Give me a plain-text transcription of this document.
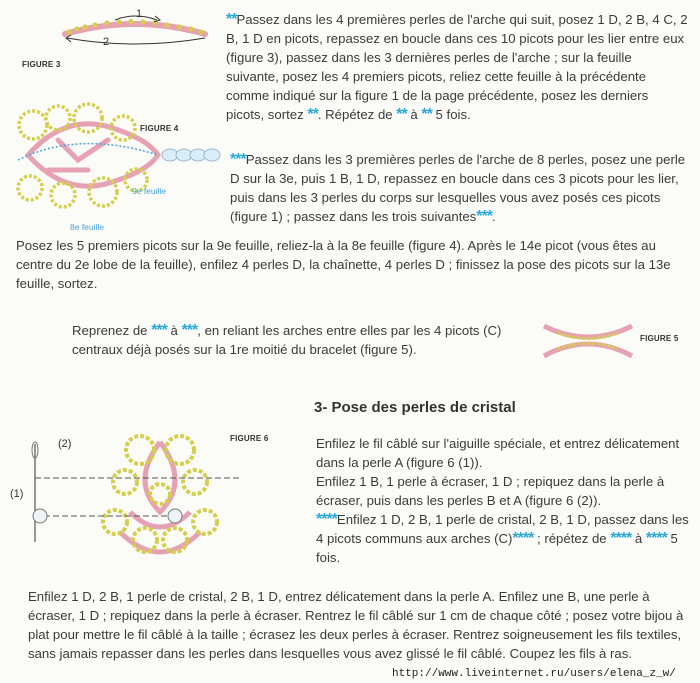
1
2
FIGURE 3
FIGURE 4
9e feuille
8e feuille

**Passez dans les 4 premières perles de l'arche qui suit, posez 1 D, 2 B, 4 C, 2 B, 1 D en picots, repassez en boucle dans ces 10 picots pour les lier entre eux (figure 3), passez dans les 3 dernières perles de l'arche ; sur la feuille suivante, posez les 4 premiers picots, reliez cette feuille à la précédente comme indiqué sur la figure 1 de la page précédente, posez les derniers picots, sortez **. Répétez de ** à ** 5 fois.

***Passez dans les 3 premières perles de l'arche de 8 perles, posez une perle D sur la 3e, puis 1 B, 1 D, repassez en boucle dans ces 3 picots pour les lier, puis dans les 3 perles du corps sur lesquelles vous avez posés ces picots (figure 1) ; passez dans les trois suivantes***.

Posez les 5 premiers picots sur la 9e feuille, reliez-la à la 8e feuille (figure 4). Après le 14e picot (vous êtes au centre du 2e lobe de la feuille), enfilez 4 perles D, la chaînette, 4 perles D ; finissez la pose des picots sur la 13e feuille, sortez.

Reprenez de *** à ***, en reliant les arches entre elles par les 4 picots (C) centraux déjà posés sur la 1re moitié du bracelet (figure 5).

FIGURE 5
3- Pose des perles de cristal
FIGURE 6
(2)
(1)
Enfilez le fil câblé sur l'aiguille spéciale, et entrez délicatement dans la perle A (figure 6 (1)).
Enfilez 1 B, 1 perle à écraser, 1 D ; repiquez dans la perle à écraser, puis dans les perles B et A (figure 6 (2)).
****Enfilez 1 D, 2 B, 1 perle de cristal, 2 B, 1 D, passez dans les 4 picots communs aux arches (C)**** ; répétez de **** à **** 5 fois.

Enfilez 1 D, 2 B, 1 perle de cristal, 2 B, 1 D, entrez délicatement dans la perle A. Enfilez une B, une perle à écraser, 1 D ; repiquez dans la perle à écraser. Rentrez le fil câblé sur 1 cm de chaque côté ; posez votre bijou à plat pour mettre le fil câblé à la taille ; écrasez les deux perles à écraser. Rentrez soigneusement les fils textiles, sans jamais repasser dans les perles dans lesquelles vous avez glissé le fil câblé. Coupez les fils à ras.

http://www.liveinternet.ru/users/elena_z_w/
